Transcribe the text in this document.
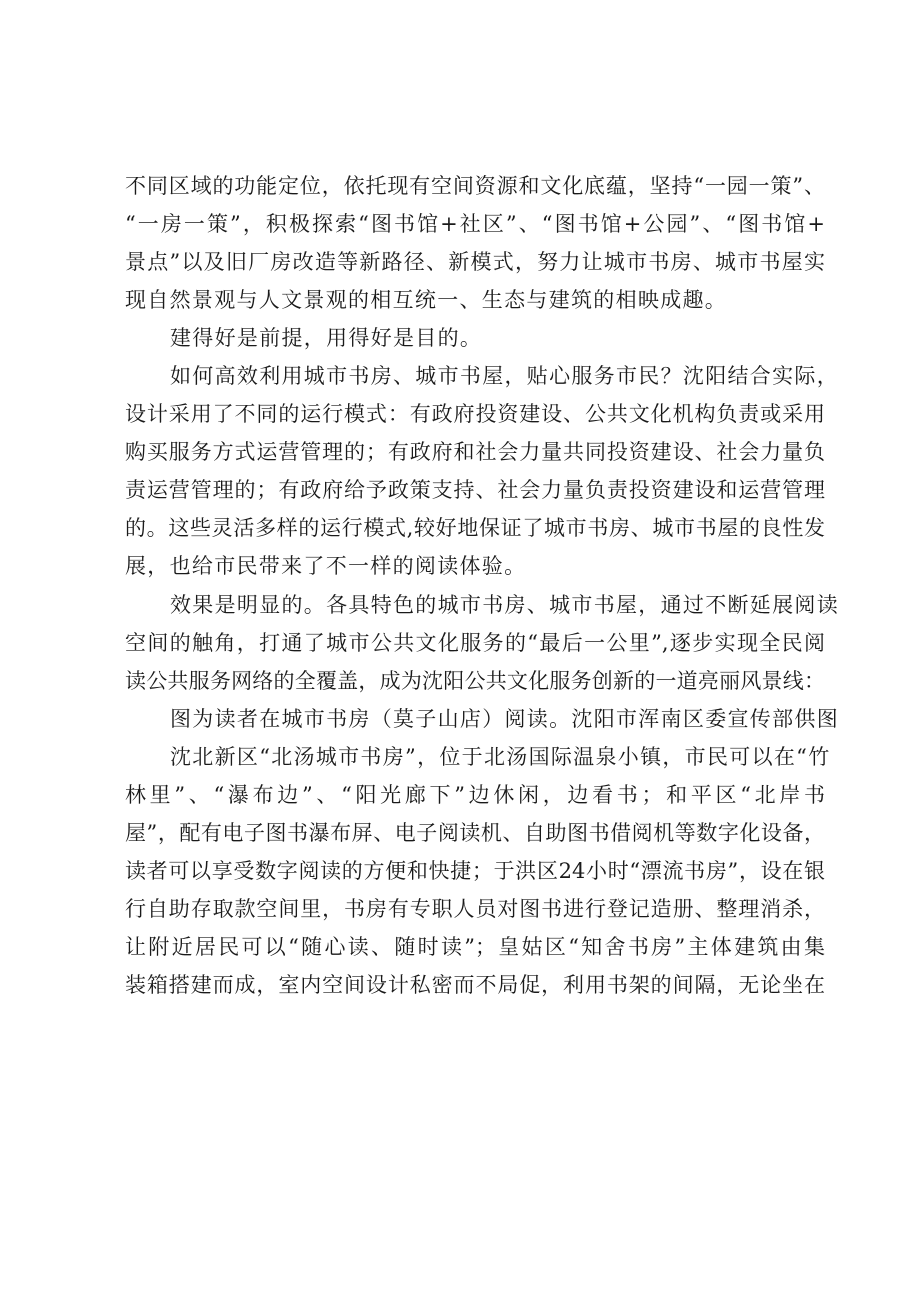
不同区域的功能定位，依托现有空间资源和文化底蕴，坚持“一园一策”、
“一房一策”，积极探索“图书馆+社区”、“图书馆+公园”、“图书馆+
景点”以及旧厂房改造等新路径、新模式，努力让城市书房、城市书屋实
现自然景观与人文景观的相互统一、生态与建筑的相映成趣。
建得好是前提，用得好是目的。
如何高效利用城市书房、城市书屋，贴心服务市民？沈阳结合实际，
设计采用了不同的运行模式：有政府投资建设、公共文化机构负责或采用
购买服务方式运营管理的；有政府和社会力量共同投资建设、社会力量负
责运营管理的；有政府给予政策支持、社会力量负责投资建设和运营管理
的。这些灵活多样的运行模式,较好地保证了城市书房、城市书屋的良性发
展，也给市民带来了不一样的阅读体验。
效果是明显的。各具特色的城市书房、城市书屋，通过不断延展阅读
空间的触角，打通了城市公共文化服务的“最后一公里”,逐步实现全民阅
读公共服务网络的全覆盖，成为沈阳公共文化服务创新的一道亮丽风景线：
图为读者在城市书房（莫子山店）阅读。沈阳市浑南区委宣传部供图
沈北新区“北汤城市书房”，位于北汤国际温泉小镇，市民可以在“竹
林里”、“瀑布边”、“阳光廊下”边休闲，边看书；和平区“北岸书
屋”，配有电子图书瀑布屏、电子阅读机、自助图书借阅机等数字化设备，
读者可以享受数字阅读的方便和快捷；于洪区24小时“漂流书房”，设在银
行自助存取款空间里，书房有专职人员对图书进行登记造册、整理消杀，
让附近居民可以“随心读、随时读”；皇姑区“知舍书房”主体建筑由集
装箱搭建而成，室内空间设计私密而不局促，利用书架的间隔，无论坐在
